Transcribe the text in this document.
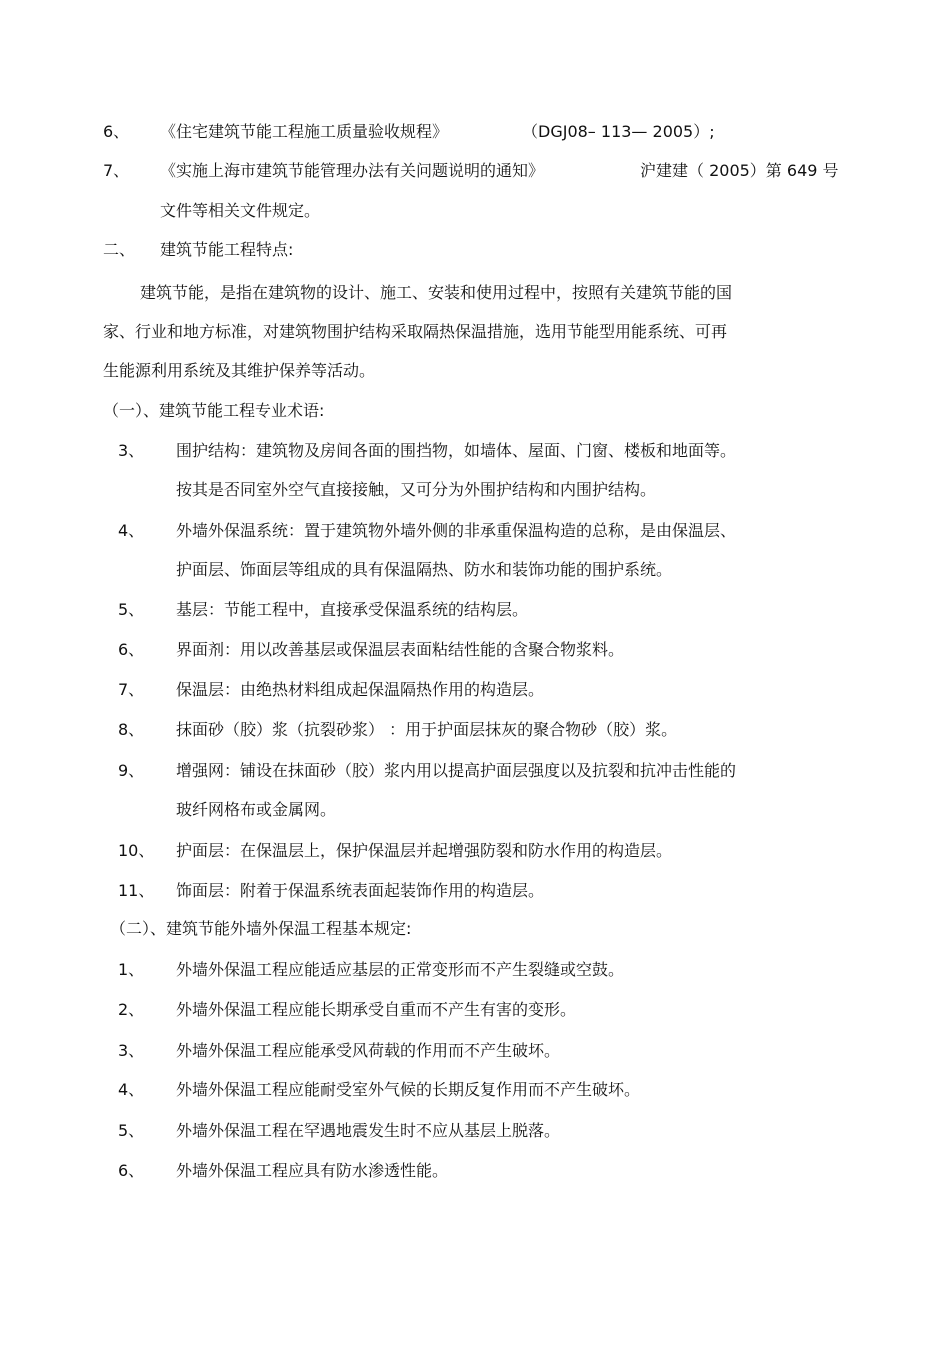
6、 《住宅建筑节能工程施工质量验收规程》	（DGJ08– 113— 2005）;
7、 《实施上海市建筑节能管理办法有关问题说明的通知》	沪建建（ 2005）第 649 号
文件等相关文件规定。
二、 建筑节能工程特点:
建筑节能，是指在建筑物的设计、施工、安装和使用过程中，按照有关建筑节能的国
家、行业和地方标准，对建筑物围护结构采取隔热保温措施，选用节能型用能系统、可再
生能源利用系统及其维护保养等活动。
（一）、建筑节能工程专业术语:
3、 围护结构：建筑物及房间各面的围挡物，如墙体、屋面、门窗、楼板和地面等。
按其是否同室外空气直接接触，又可分为外围护结构和内围护结构。
4、 外墙外保温系统：置于建筑物外墙外侧的非承重保温构造的总称，是由保温层、
护面层、饰面层等组成的具有保温隔热、防水和装饰功能的围护系统。
5、 基层：节能工程中，直接承受保温系统的结构层。
6、 界面剂：用以改善基层或保温层表面粘结性能的含聚合物浆料。
7、 保温层：由绝热材料组成起保温隔热作用的构造层。
8、 抹面砂（胶）浆（抗裂砂浆） ：用于护面层抹灰的聚合物砂（胶）浆。
9、 增强网：铺设在抹面砂（胶）浆内用以提高护面层强度以及抗裂和抗冲击性能的
玻纤网格布或金属网。
10、 护面层：在保温层上，保护保温层并起增强防裂和防水作用的构造层。
11、 饰面层：附着于保温系统表面起装饰作用的构造层。
（二）、建筑节能外墙外保温工程基本规定:
1、 外墙外保温工程应能适应基层的正常变形而不产生裂缝或空鼓。
2、 外墙外保温工程应能长期承受自重而不产生有害的变形。
3、 外墙外保温工程应能承受风荷载的作用而不产生破坏。
4、 外墙外保温工程应能耐受室外气候的长期反复作用而不产生破坏。
5、 外墙外保温工程在罕遇地震发生时不应从基层上脱落。
6、 外墙外保温工程应具有防水渗透性能。
